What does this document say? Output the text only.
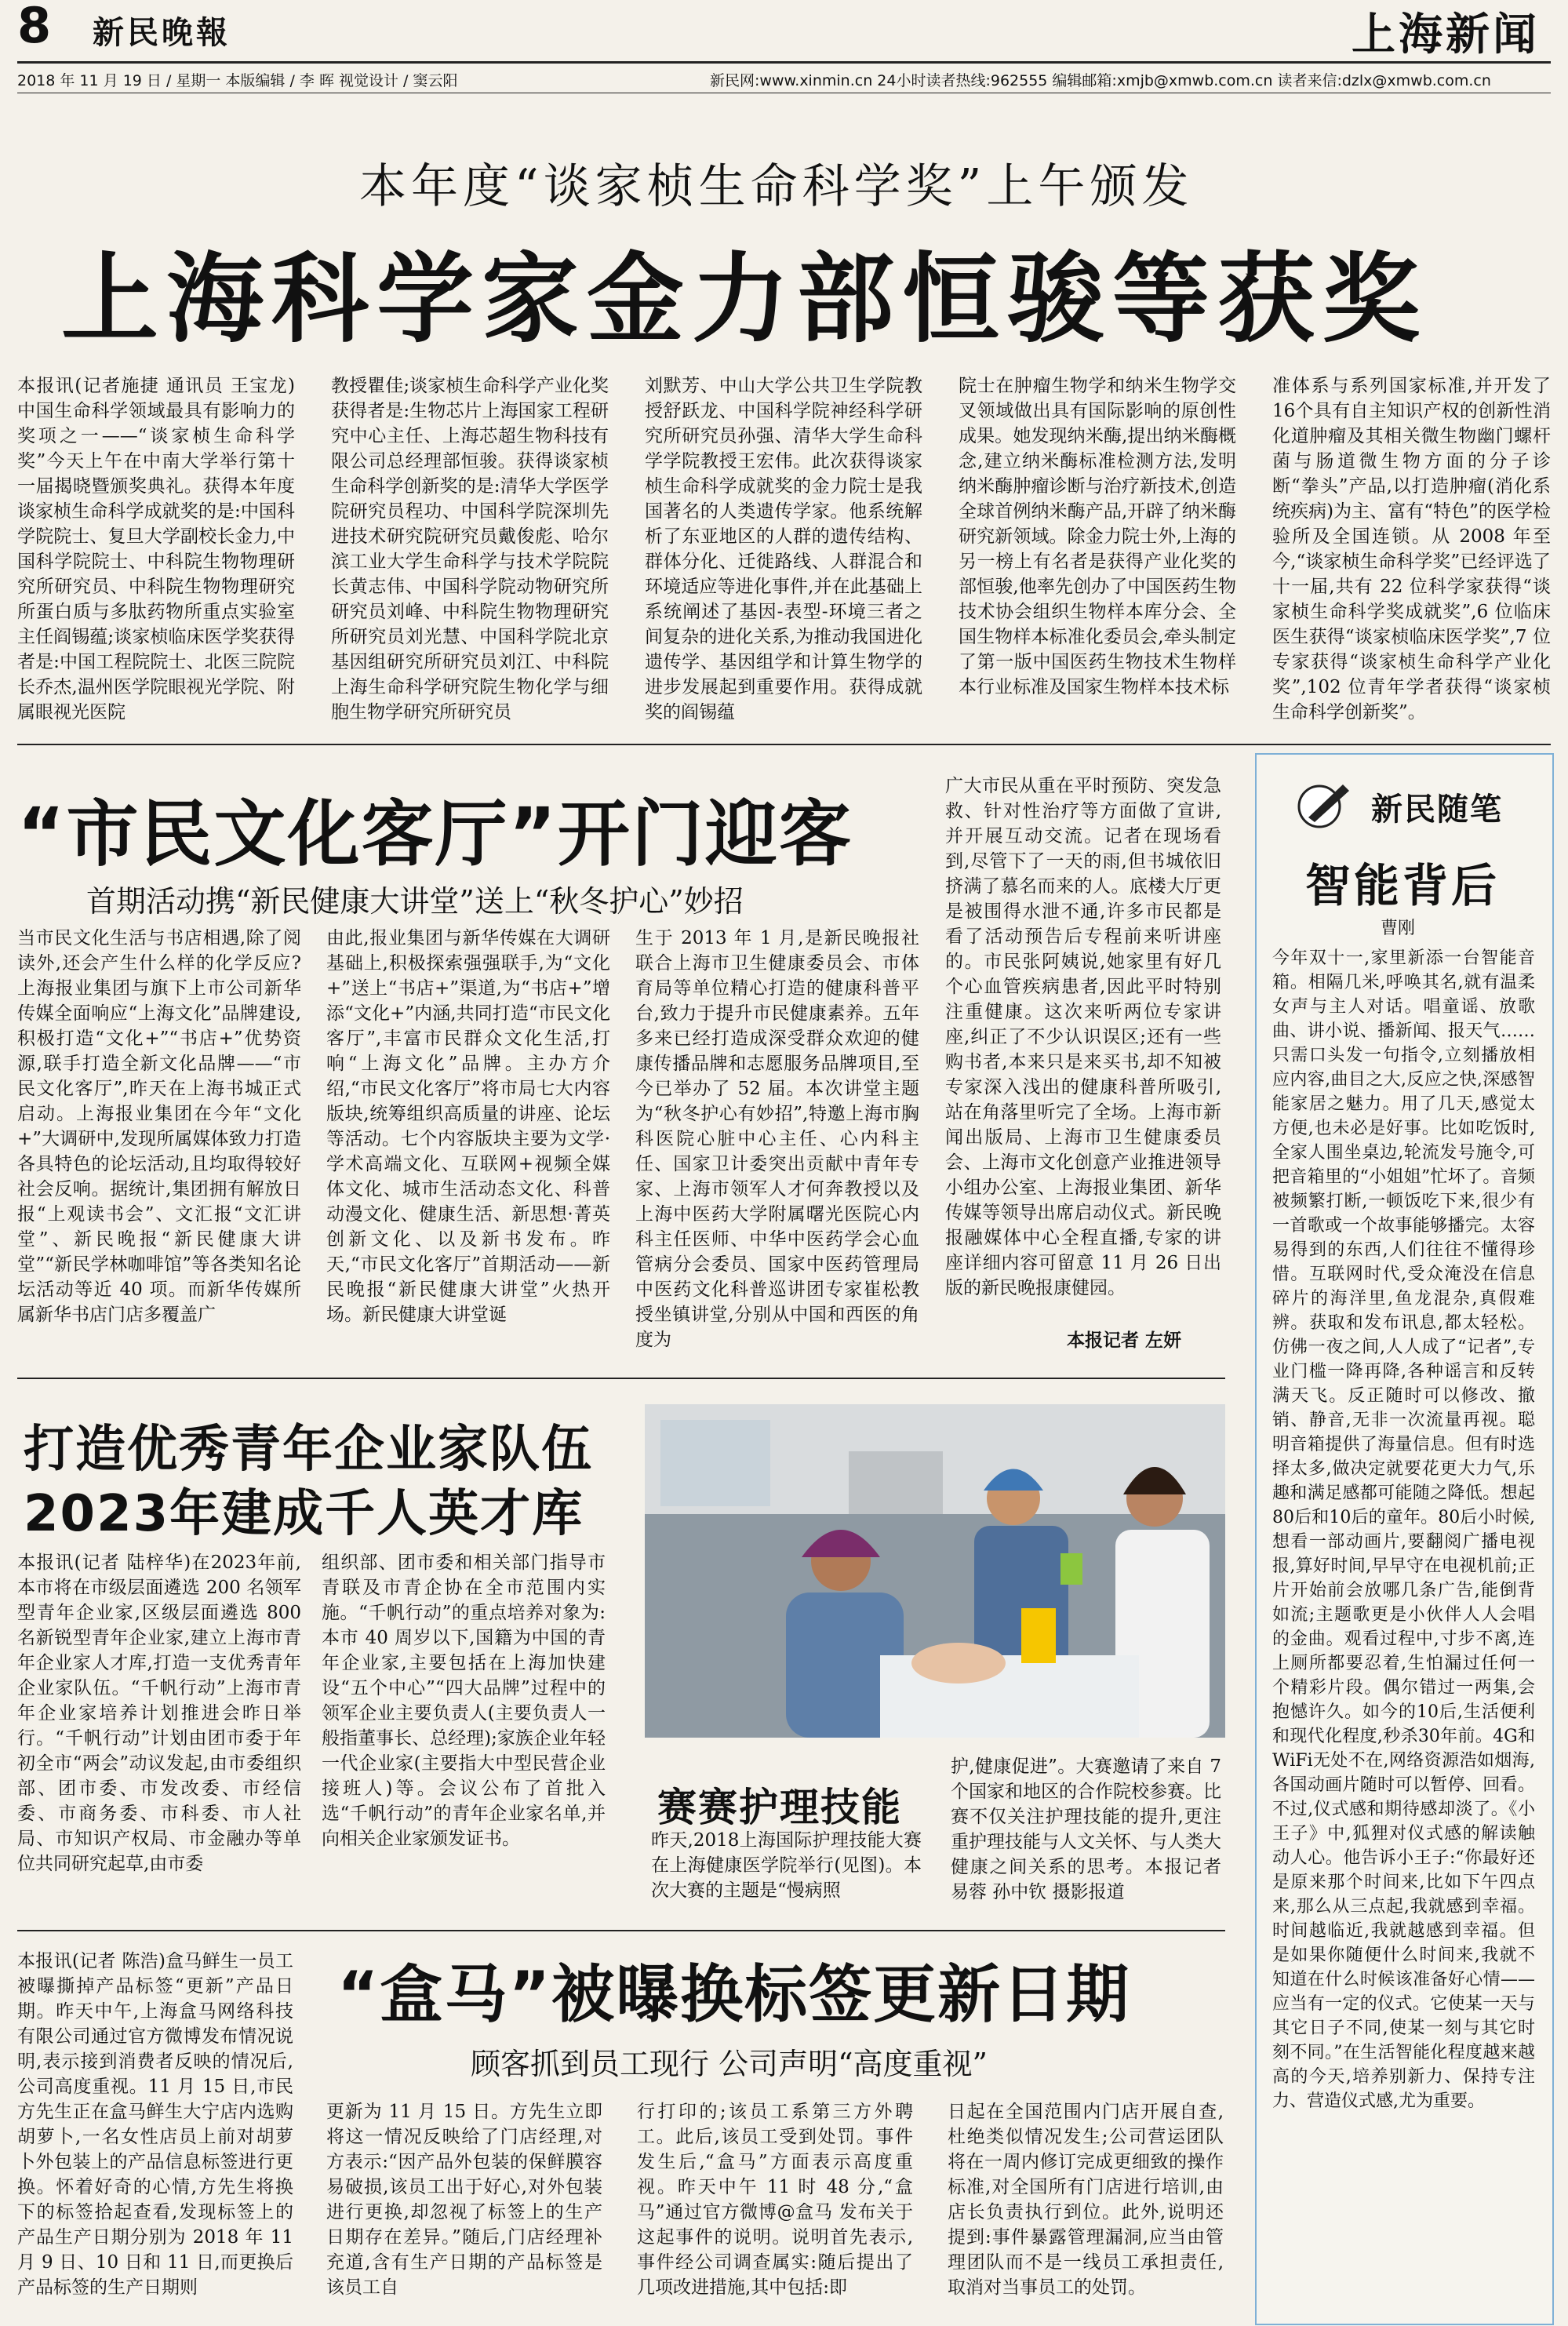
8 新民晚報	上海新闻
2018 年 11 月 19 日 / 星期一 本版编辑 / 李 晖 视觉设计 / 窦云阳	新民网:www.xinmin.cn 24小时读者热线:962555 编辑邮箱:xmjb@xmwb.com.cn 读者来信:dzlx@xmwb.com.cn
本年度“谈家桢生命科学奖”上午颁发
上海科学家金力部恒骏等获奖
本报讯(记者施捷 通讯员 王宝龙)中国生命科学领域最具有影响力的奖项之一——“谈家桢生命科学奖”今天上午在中南大学举行第十一届揭晓暨颁奖典礼。获得本年度谈家桢生命科学成就奖的是:中国科学院院士、复旦大学副校长金力,中国科学院院士、中科院生物物理研究所研究员、中科院生物物理研究所蛋白质与多肽药物所重点实验室主任阎锡蕴;谈家桢临床医学奖获得者是:中国工程院院士、北医三院院长乔杰,温州医学院眼视光学院、附属眼视光医院
教授瞿佳;谈家桢生命科学产业化奖获得者是:生物芯片上海国家工程研究中心主任、上海芯超生物科技有限公司总经理部恒骏。获得谈家桢生命科学创新奖的是:清华大学医学院研究员程功、中国科学院深圳先进技术研究院研究员戴俊彪、哈尔滨工业大学生命科学与技术学院院长黄志伟、中国科学院动物研究所研究员刘峰、中科院生物物理研究所研究员刘光慧、中国科学院北京基因组研究所研究员刘江、中科院上海生命科学研究院生物化学与细胞生物学研究所研究员
刘默芳、中山大学公共卫生学院教授舒跃龙、中国科学院神经科学研究所研究员孙强、清华大学生命科学学院教授王宏伟。此次获得谈家桢生命科学成就奖的金力院士是我国著名的人类遗传学家。他系统解析了东亚地区的人群的遗传结构、群体分化、迁徙路线、人群混合和环境适应等进化事件,并在此基础上系统阐述了基因-表型-环境三者之间复杂的进化关系,为推动我国进化遗传学、基因组学和计算生物学的进步发展起到重要作用。获得成就奖的阎锡蕴
院士在肿瘤生物学和纳米生物学交叉领域做出具有国际影响的原创性成果。她发现纳米酶,提出纳米酶概念,建立纳米酶标准检测方法,发明纳米酶肿瘤诊断与治疗新技术,创造全球首例纳米酶产品,开辟了纳米酶研究新领域。除金力院士外,上海的另一榜上有名者是获得产业化奖的部恒骏,他率先创办了中国医药生物技术协会组织生物样本库分会、全国生物样本标准化委员会,牵头制定了第一版中国医药生物技术生物样本行业标准及国家生物样本技术标
准体系与系列国家标准,并开发了16个具有自主知识产权的创新性消化道肿瘤及其相关微生物幽门螺杆菌与肠道微生物方面的分子诊断“拳头”产品,以打造肿瘤(消化系统疾病)为主、富有“特色”的医学检验所及全国连锁。从 2008 年至今,“谈家桢生命科学奖”已经评选了十一届,共有 22 位科学家获得“谈家桢生命科学奖成就奖”,6 位临床医生获得“谈家桢临床医学奖”,7 位专家获得“谈家桢生命科学产业化奖”,102 位青年学者获得“谈家桢生命科学创新奖”。
“市民文化客厅”开门迎客
首期活动携“新民健康大讲堂”送上“秋冬护心”妙招
广大市民从重在平时预防、突发急救、针对性治疗等方面做了宣讲,并开展互动交流。记者在现场看到,尽管下了一天的雨,但书城依旧挤满了慕名而来的人。底楼大厅更是被围得水泄不通,许多市民都是看了活动预告后专程前来听讲座的。市民张阿姨说,她家里有好几个心血管疾病患者,因此平时特别注重健康。这次来听两位专家讲座,纠正了不少认识误区;还有一些购书者,本来只是来买书,却不知被专家深入浅出的健康科普所吸引,站在角落里听完了全场。上海市新闻出版局、上海市卫生健康委员会、上海市文化创意产业推进领导小组办公室、上海报业集团、新华传媒等领导出席启动仪式。新民晚报融媒体中心全程直播,专家的讲座详细内容可留意 11 月 26 日出版的新民晚报康健园。
本报记者 左妍
当市民文化生活与书店相遇,除了阅读外,还会产生什么样的化学反应?上海报业集团与旗下上市公司新华传媒全面响应“上海文化”品牌建设,积极打造“文化+”“书店+”优势资源,联手打造全新文化品牌——“市民文化客厅”,昨天在上海书城正式启动。上海报业集团在今年“文化+”大调研中,发现所属媒体致力打造各具特色的论坛活动,且均取得较好社会反响。据统计,集团拥有解放日报“上观读书会”、文汇报“文汇讲堂”、新民晚报“新民健康大讲堂”“新民学林咖啡馆”等各类知名论坛活动等近 40 项。而新华传媒所属新华书店门店多覆盖广
由此,报业集团与新华传媒在大调研基础上,积极探索强强联手,为“文化+”送上“书店+”渠道,为“书店+”增添“文化+”内涵,共同打造“市民文化客厅”,丰富市民群众文化生活,打响“上海文化”品牌。主办方介绍,“市民文化客厅”将市局七大内容版块,统筹组织高质量的讲座、论坛等活动。七个内容版块主要为文学·学术高端文化、互联网+视频全媒体文化、城市生活动态文化、科普动漫文化、健康生活、新思想·菁英创新文化、以及新书发布。昨天,“市民文化客厅”首期活动——新民晚报“新民健康大讲堂”火热开场。新民健康大讲堂诞
生于 2013 年 1 月,是新民晚报社联合上海市卫生健康委员会、市体育局等单位精心打造的健康科普平台,致力于提升市民健康素养。五年多来已经打造成深受群众欢迎的健康传播品牌和志愿服务品牌项目,至今已举办了 52 届。本次讲堂主题为“秋冬护心有妙招”,特邀上海市胸科医院心脏中心主任、心内科主任、国家卫计委突出贡献中青年专家、上海市领军人才何奔教授以及上海中医药大学附属曙光医院心内科主任医师、中华中医药学会心血管病分会委员、国家中医药管理局中医药文化科普巡讲团专家崔松教授坐镇讲堂,分别从中国和西医的角度为
打造优秀青年企业家队伍
2023年建成千人英才库
本报讯(记者 陆梓华)在2023年前,本市将在市级层面遴选 200 名领军型青年企业家,区级层面遴选 800 名新锐型青年企业家,建立上海市青年企业家人才库,打造一支优秀青年企业家队伍。“千帆行动”上海市青年企业家培养计划推进会昨日举行。“千帆行动”计划由团市委于年初全市“两会”动议发起,由市委组织部、团市委、市发改委、市经信委、市商务委、市科委、市人社局、市知识产权局、市金融办等单位共同研究起草,由市委
组织部、团市委和相关部门指导市青联及市青企协在全市范围内实施。“千帆行动”的重点培养对象为:本市 40 周岁以下,国籍为中国的青年企业家,主要包括在上海加快建设“五个中心”“四大品牌”过程中的领军企业主要负责人(主要负责人一般指董事长、总经理);家族企业年轻一代企业家(主要指大中型民营企业接班人)等。会议公布了首批入选“千帆行动”的青年企业家名单,并向相关企业家颁发证书。
赛赛护理技能
昨天,2018上海国际护理技能大赛在上海健康医学院举行(见图)。本次大赛的主题是“慢病照
护,健康促进”。大赛邀请了来自 7 个国家和地区的合作院校参赛。比赛不仅关注护理技能的提升,更注重护理技能与人文关怀、与人类大健康之间关系的思考。本报记者 易蓉 孙中钦 摄影报道
本报讯(记者 陈浩)盒马鲜生一员工被曝撕掉产品标签“更新”产品日期。昨天中午,上海盒马网络科技有限公司通过官方微博发布情况说明,表示接到消费者反映的情况后,公司高度重视。11 月 15 日,市民方先生正在盒马鲜生大宁店内选购胡萝卜,一名女性店员上前对胡萝卜外包装上的产品信息标签进行更换。怀着好奇的心情,方先生将换下的标签拾起查看,发现标签上的产品生产日期分别为 2018 年 11 月 9 日、10 日和 11 日,而更换后产品标签的生产日期则
“盒马”被曝换标签更新日期
顾客抓到员工现行 公司声明“高度重视”
更新为 11 月 15 日。方先生立即将这一情况反映给了门店经理,对方表示:“因产品外包装的保鲜膜容易破损,该员工出于好心,对外包装进行更换,却忽视了标签上的生产日期存在差异。”随后,门店经理补充道,含有生产日期的产品标签是该员工自
行打印的;该员工系第三方外聘工。此后,该员工受到处罚。事件发生后,“盒马”方面表示高度重视。昨天中午 11 时 48 分,“盒马”通过官方微博@盒马 发布关于这起事件的说明。说明首先表示,事件经公司调查属实:随后提出了几项改进措施,其中包括:即
日起在全国范围内门店开展自查,杜绝类似情况发生;公司营运团队将在一周内修订完成更细致的操作标准,对全国所有门店进行培训,由店长负责执行到位。此外,说明还提到:事件暴露管理漏洞,应当由管理团队而不是一线员工承担责任,取消对当事员工的处罚。
新民随笔
智能背后
曹刚
今年双十一,家里新添一台智能音箱。相隔几米,呼唤其名,就有温柔女声与主人对话。唱童谣、放歌曲、讲小说、播新闻、报天气……只需口头发一句指令,立刻播放相应内容,曲目之大,反应之快,深感智能家居之魅力。用了几天,感觉太方便,也未必是好事。比如吃饭时,全家人围坐桌边,轮流发号施令,可把音箱里的“小姐姐”忙坏了。音频被频繁打断,一顿饭吃下来,很少有一首歌或一个故事能够播完。太容易得到的东西,人们往往不懂得珍惜。互联网时代,受众淹没在信息碎片的海洋里,鱼龙混杂,真假难辨。获取和发布讯息,都太轻松。仿佛一夜之间,人人成了“记者”,专业门槛一降再降,各种谣言和反转满天飞。反正随时可以修改、撤销、静音,无非一次流量再视。聪明音箱提供了海量信息。但有时选择太多,做决定就要花更大力气,乐趣和满足感都可能随之降低。想起80后和10后的童年。80后小时候,想看一部动画片,要翻阅广播电视报,算好时间,早早守在电视机前;正片开始前会放哪几条广告,能倒背如流;主题歌更是小伙伴人人会唱的金曲。观看过程中,寸步不离,连上厕所都要忍着,生怕漏过任何一个精彩片段。偶尔错过一两集,会抱憾许久。如今的10后,生活便利和现代化程度,秒杀30年前。4G和WiFi无处不在,网络资源浩如烟海,各国动画片随时可以暂停、回看。不过,仪式感和期待感却淡了。《小王子》中,狐狸对仪式感的解读触动人心。他告诉小王子:“你最好还是原来那个时间来,比如下午四点来,那么从三点起,我就感到幸福。时间越临近,我就越感到幸福。但是如果你随便什么时间来,我就不知道在什么时候该准备好心情——应当有一定的仪式。它使某一天与其它日子不同,使某一刻与其它时刻不同。”在生活智能化程度越来越高的今天,培养别新力、保持专注力、营造仪式感,尤为重要。
